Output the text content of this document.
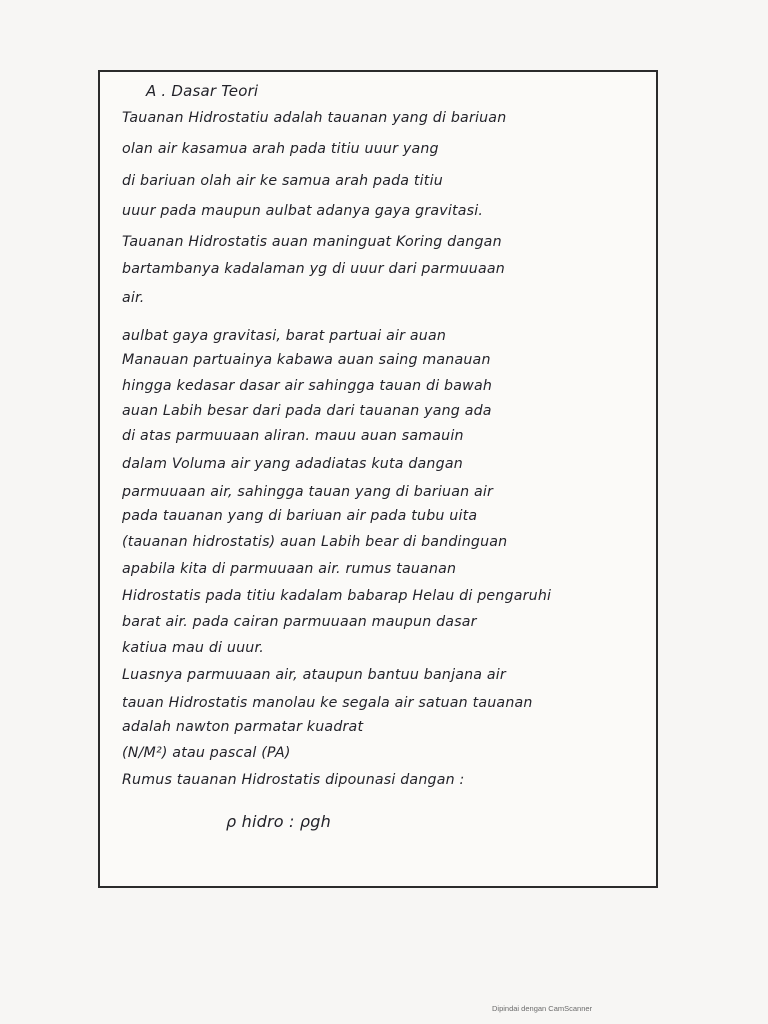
A . Dasar Teori
Tauanan Hidrostatiu adalah tauanan yang di bariuan
olan air kasamua arah pada titiu uuur yang
di bariuan olah air ke samua arah pada titiu
uuur pada maupun aulbat adanya gaya gravitasi.
Tauanan Hidrostatis auan maninguat Koring dangan
bartambanya kadalaman yg di uuur dari parmuuaan
air.
aulbat gaya gravitasi, barat partuai air auan
Manauan partuainya kabawa auan saing manauan
hingga kedasar dasar air sahingga tauan di bawah
auan Labih besar dari pada dari tauanan yang ada
di atas parmuuaan aliran. mauu auan samauin
dalam Voluma air yang adadiatas kuta dangan
parmuuaan air, sahingga tauan yang di bariuan air
pada tauanan yang di bariuan air pada tubu uita
(tauanan hidrostatis) auan Labih bear di bandinguan
apabila kita di parmuuaan air. rumus tauanan
Hidrostatis pada titiu kadalam babarap Helau di pengaruhi
barat air. pada cairan parmuuaan maupun dasar
katiua mau di uuur.
Luasnya parmuuaan air, ataupun bantuu banjana air
tauan Hidrostatis manolau ke segala air satuan tauanan
adalah nawton parmatar kuadrat
(N/M²) atau pascal (PA)
Rumus tauanan Hidrostatis dipounasi dangan :
ρ hidro : ρgh
Dipindai dengan CamScanner
